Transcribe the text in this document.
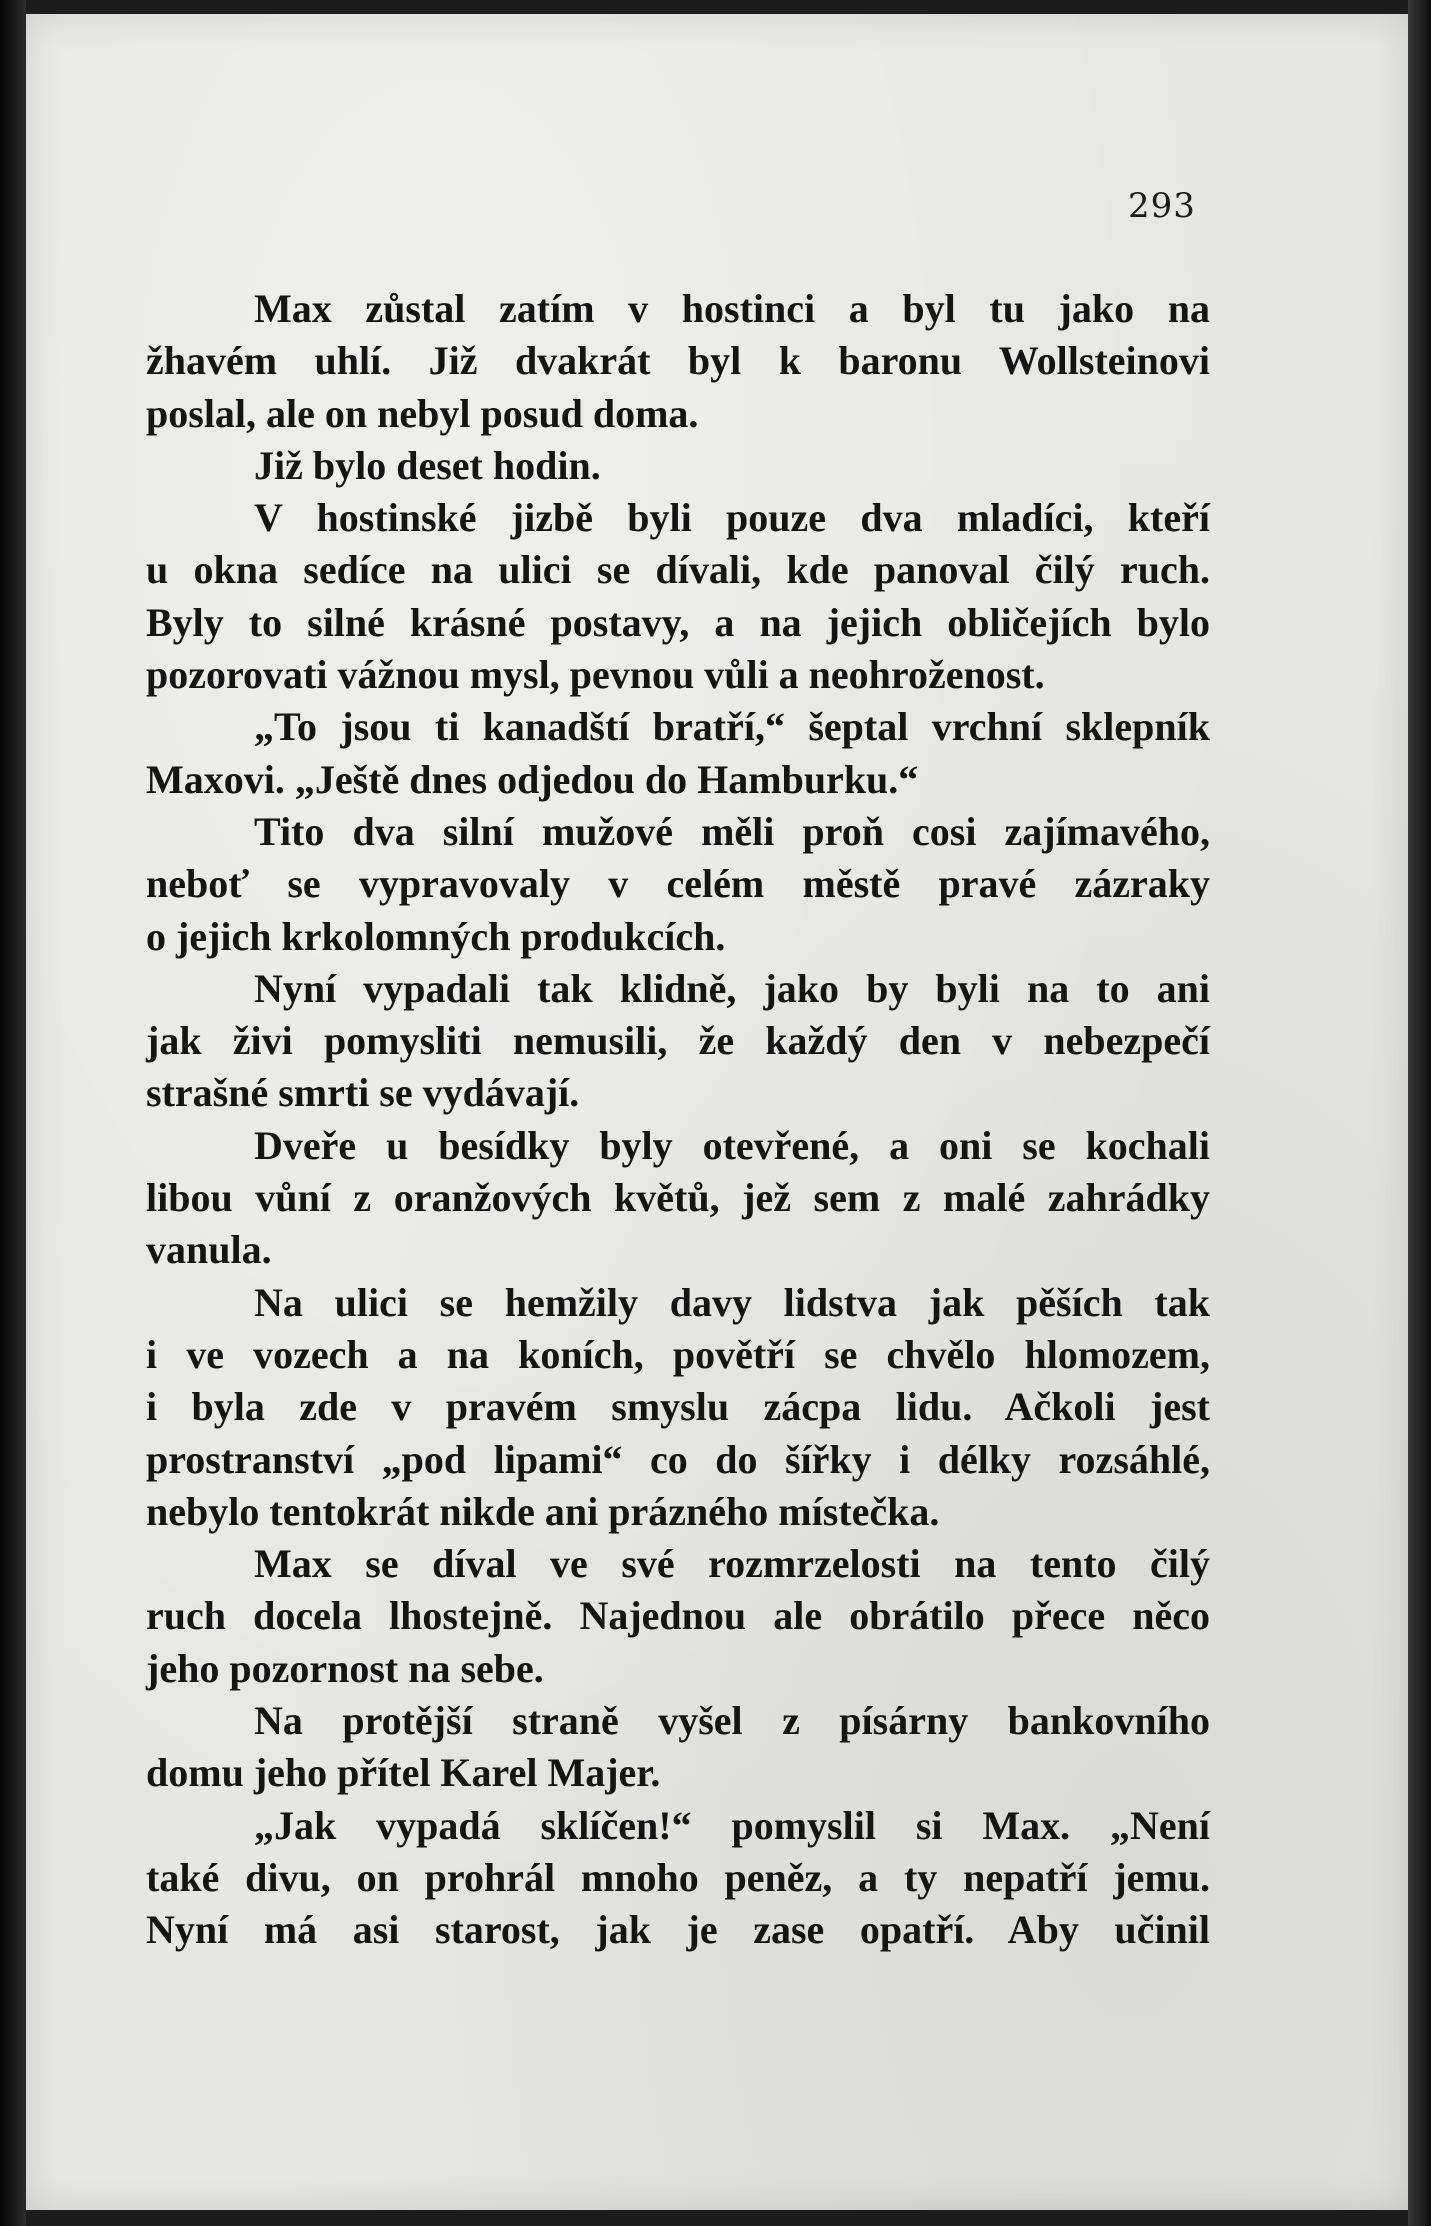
293
Max zůstal zatím v hostinci a byl tu jako na
žhavém uhlí. Již dvakrát byl k baronu Wollsteinovi
poslal, ale on nebyl posud doma.
Již bylo deset hodin.
V hostinské jizbě byli pouze dva mladíci, kteří
u okna sedíce na ulici se dívali, kde panoval čilý ruch.
Byly to silné krásné postavy, a na jejich obličejích bylo
pozorovati vážnou mysl, pevnou vůli a neohroženost.
„To jsou ti kanadští bratří,“ šeptal vrchní sklepník
Maxovi. „Ještě dnes odjedou do Hamburku.“
Tito dva silní mužové měli proň cosi zajímavého,
neboť se vypravovaly v celém městě pravé zázraky
o jejich krkolomných produkcích.
Nyní vypadali tak klidně, jako by byli na to ani
jak živi pomysliti nemusili, že každý den v nebezpečí
strašné smrti se vydávají.
Dveře u besídky byly otevřené, a oni se kochali
libou vůní z oranžových květů, jež sem z malé zahrádky
vanula.
Na ulici se hemžily davy lidstva jak pěších tak
i ve vozech a na koních, povětří se chvělo hlomozem,
i byla zde v pravém smyslu zácpa lidu. Ačkoli jest
prostranství „pod lipami“ co do šířky i délky rozsáhlé,
nebylo tentokrát nikde ani prázného místečka.
Max se díval ve své rozmrzelosti na tento čilý
ruch docela lhostejně. Najednou ale obrátilo přece něco
jeho pozornost na sebe.
Na protější straně vyšel z písárny bankovního
domu jeho přítel Karel Majer.
„Jak vypadá sklíčen!“ pomyslil si Max. „Není
také divu, on prohrál mnoho peněz, a ty nepatří jemu.
Nyní má asi starost, jak je zase opatří. Aby učinil
